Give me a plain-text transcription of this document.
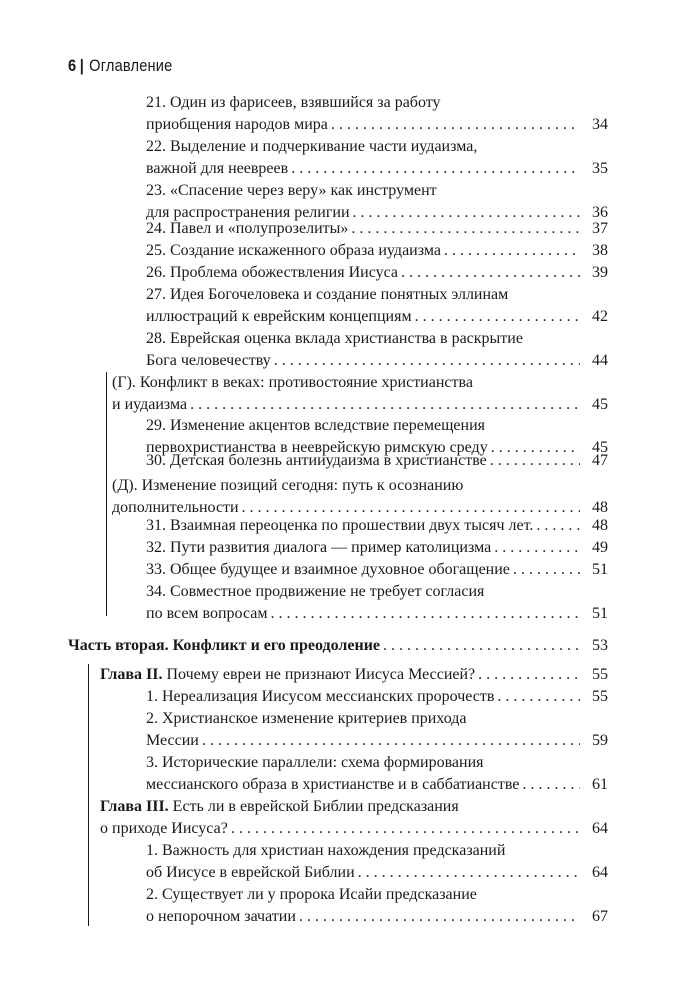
6 | Оглавление
21. Один из фарисеев, взявшийся за работу
приобщения народов мира . . .	34
22. Выделение и подчеркивание части иудаизма,
важной для неевреев . . .	35
23. «Спасение через веру» как инструмент
для распространения религии . . .	36
24. Павел и «полупрозелиты» . . .	37
25. Создание искаженного образа иудаизма . . .	38
26. Проблема обожествления Иисуса . . .	39
27. Идея Богочеловека и создание понятных эллинам
иллюстраций к еврейским концепциям . . .	42
28. Еврейская оценка вклада христианства в раскрытие
Бога человечеству . . .	44
(Г). Конфликт в веках: противостояние христианства
и иудаизма . . .	45
29. Изменение акцентов вследствие перемещения
первохристианства в нееврейскую римскую среду . . .	45
30. Детская болезнь антииудаизма в христианстве . . .	47
(Д). Изменение позиций сегодня: путь к осознанию
дополнительности . . .	48
31. Взаимная переоценка по прошествии двух тысяч лет. . . .	48
32. Пути развития диалога — пример католицизма . . .	49
33. Общее будущее и взаимное духовное обогащение . . .	51
34. Совместное продвижение не требует согласия
по всем вопросам . . .	51
Часть вторая. Конфликт и его преодоление . . .	53
Глава II. Почему евреи не признают Иисуса Мессией? . . .	55
1. Нереализация Иисусом мессианских пророчеств . . .	55
2. Христианское изменение критериев прихода
Мессии . . .	59
3. Исторические параллели: схема формирования
мессианского образа в христианстве и в саббатианстве . . .	61
Глава III. Есть ли в еврейской Библии предсказания
о приходе Иисуса? . . .	64
1. Важность для христиан нахождения предсказаний
об Иисусе в еврейской Библии . . .	64
2. Существует ли у пророка Исайи предсказание
о непорочном зачатии . . .	67
